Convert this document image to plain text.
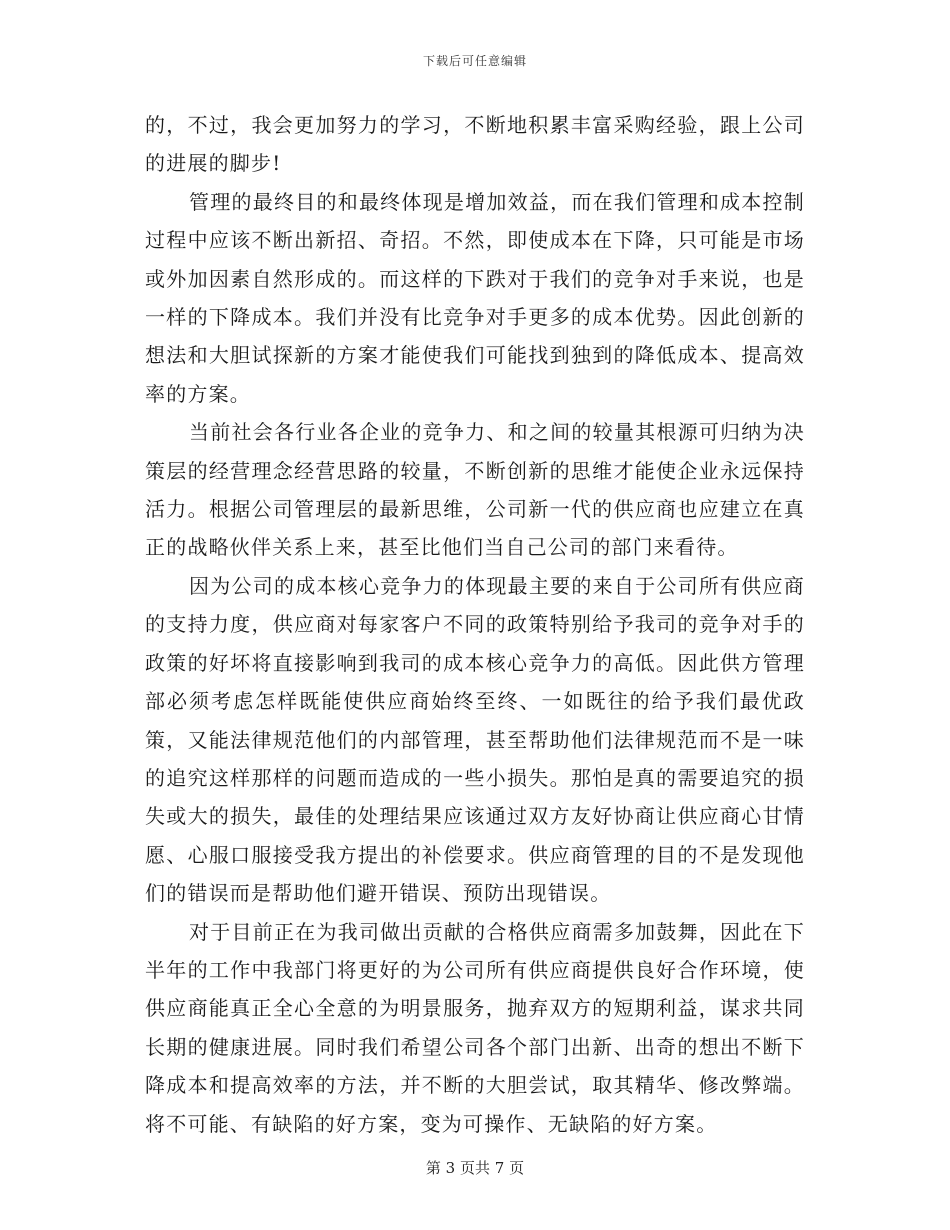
下载后可任意编辑

的，不过，我会更加努力的学习，不断地积累丰富采购经验，跟上公司的进展的脚步!

管理的最终目的和最终体现是增加效益，而在我们管理和成本控制过程中应该不断出新招、奇招。不然，即使成本在下降，只可能是市场或外加因素自然形成的。而这样的下跌对于我们的竞争对手来说，也是一样的下降成本。我们并没有比竞争对手更多的成本优势。因此创新的想法和大胆试探新的方案才能使我们可能找到独到的降低成本、提高效率的方案。

当前社会各行业各企业的竞争力、和之间的较量其根源可归纳为决策层的经营理念经营思路的较量，不断创新的思维才能使企业永远保持活力。根据公司管理层的最新思维，公司新一代的供应商也应建立在真正的战略伙伴关系上来，甚至比他们当自己公司的部门来看待。

因为公司的成本核心竞争力的体现最主要的来自于公司所有供应商的支持力度，供应商对每家客户不同的政策特别给予我司的竞争对手的政策的好坏将直接影响到我司的成本核心竞争力的高低。因此供方管理部必须考虑怎样既能使供应商始终至终、一如既往的给予我们最优政策，又能法律规范他们的内部管理，甚至帮助他们法律规范而不是一味的追究这样那样的问题而造成的一些小损失。那怕是真的需要追究的损失或大的损失，最佳的处理结果应该通过双方友好协商让供应商心甘情愿、心服口服接受我方提出的补偿要求。供应商管理的目的不是发现他们的错误而是帮助他们避开错误、预防出现错误。

对于目前正在为我司做出贡献的合格供应商需多加鼓舞，因此在下半年的工作中我部门将更好的为公司所有供应商提供良好合作环境，使供应商能真正全心全意的为明景服务，抛弃双方的短期利益，谋求共同长期的健康进展。同时我们希望公司各个部门出新、出奇的想出不断下降成本和提高效率的方法，并不断的大胆尝试，取其精华、修改弊端。将不可能、有缺陷的好方案，变为可操作、无缺陷的好方案。

第 3 页共 7 页
